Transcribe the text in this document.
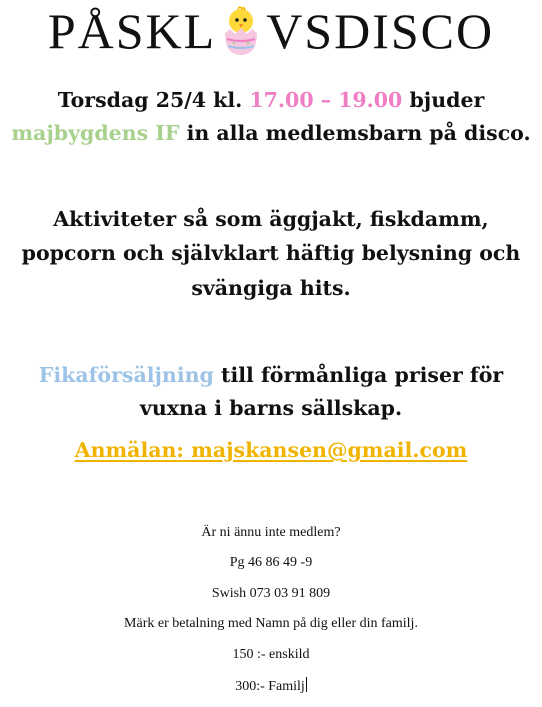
PÅSKL VSDISCO
Torsdag 25/4 kl. 17.00 – 19.00 bjuder
majbygdens IF in alla medlemsbarn på disco.
Aktiviteter så som äggjakt, fiskdamm,
popcorn och självklart häftig belysning och
svängiga hits.
Fikaförsäljning till förmånliga priser för
vuxna i barns sällskap.
Anmälan: majskansen@gmail.com
Är ni ännu inte medlem?
Pg 46 86 49 -9
Swish 073 03 91 809
Märk er betalning med Namn på dig eller din familj.
150 :- enskild
300:- Familj
